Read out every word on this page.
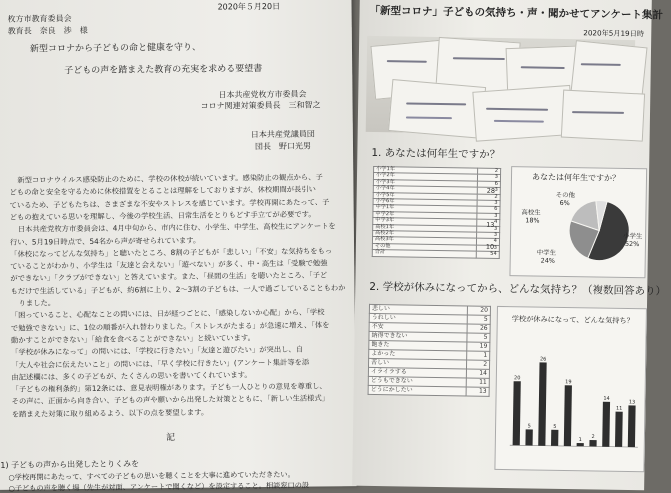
2020年５月20日
枚方市教育委員会
教育長　奈良　渉　様
新型コロナから子どもの命と健康を守り、
子どもの声を踏まえた教育の充実を求める要望書
日本共産党枚方市委員会
コロナ関連対策委員長　三和智之
日本共産党議員団
団長　野口光男
新型コロナウイルス感染防止のために、学校の休校が続いています。感染防止の観点から、子
どもの命と安全を守るために休校措置をとることは理解をしておりますが、休校期間が長引い
ているため、子どもたちは、さまざまな不安やストレスを感じています。学校再開にあたって、子
どもの抱えている思いを理解し、今後の学校生活、日常生活をとりもどす手立てが必要です。
日本共産党枚方市委員会は、4月中旬から、市内に住む、小学生、中学生、高校生にアンケートを
行い、5月19日時点で、54名から声が寄せられています。
「休校になってどんな気持ち」と聴いたところ、8割の子どもが「悲しい」「不安」な気持ちをもっ
ていることがわかり、小学生は「友達と会えない」「遊べない」が多く、中・高生は「受験で勉強
ができない」「クラブができない」と答えています。また、「昼間の生活」を聴いたところ、「子ど
もだけで生活している」子どもが、約6割に上り、2～3割の子どもは、一人で過ごしていることもわか
りました。
「困っていること、心配なことの問いには、日が経つごとに、「感染しないか心配」から、「学校
で勉強できない」に、1位の順番が入れ替わりました。「ストレスがたまる」が急速に増え、「体を
動かすことができない」「給食を食べることができない」と続いています。
「学校が休みになって」の問いには、「学校に行きたい」「友達と遊びたい」が突出し、自
「大人や社会に伝えたいこと」の問いには、「早く学校に行きたい」(アンケート集計等を添
由記述欄には、多くの子どもが、たくさんの思いを書いてくれています。
「子どもの権利条約」第12条には、意見表明権があります。子ども一人ひとりの意見を尊重し、
その声に、正面から向き合い、子どもの声や願いから出発した対策とともに、「新しい生活様式」
を踏まえた対策に取り組めるよう、以下の点を要望します。
記
1) 子どもの声から出発したとりくみを
○学校再開にあたって、すべての子どもの思いを聴くことを大事に進めていただきたい。
○子どもの声を聴く場（先生が対面、アンケートで聞くなど）を設定すること。相談窓口の設
「新型コロナ」子どもの気持ち・声・聞かせてアンケート集計
2020年5月19日時
1. あなたは何年生ですか？
小学1年	2
小学2年	3
小学3年	6
小学4年	3
小学5年	2
小学6年	3
中学1年	6
中学2年	3
中学3年	4
高校1年	3
高校2年	3
高校3年	4
その他	3
合計	54
28
13
10
あなたは何年生ですか？
その他
6%
高校生
18%
中学生
24%
小学生
52%
2. 学校が休みになってから、どんな気持ち？（複数回答あり）
悲しい	20
うれしい	5
不安	26
納得できない	5
飽きた	19
よかった	1
苦しい	2
イライラする	14
どうもできない	11
どうにかしたい	13
学校が休みになって、どんな気持ち？
20
5
26
5
19
1 2
14
11
13
